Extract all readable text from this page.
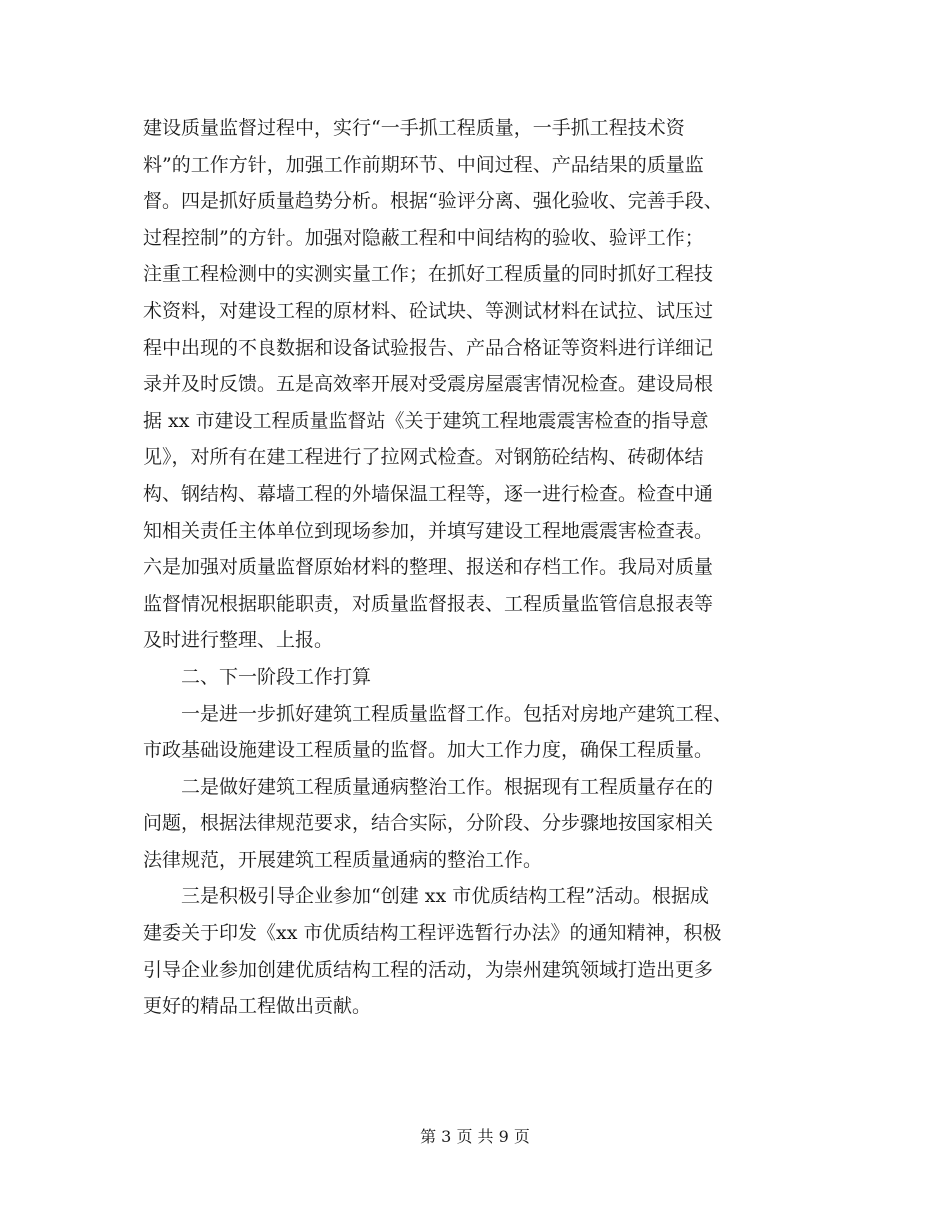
建设质量监督过程中，实行“一手抓工程质量，一手抓工程技术资
料”的工作方针，加强工作前期环节、中间过程、产品结果的质量监
督。四是抓好质量趋势分析。根据“验评分离、强化验收、完善手段、
过程控制”的方针。加强对隐蔽工程和中间结构的验收、验评工作；
注重工程检测中的实测实量工作；在抓好工程质量的同时抓好工程技
术资料，对建设工程的原材料、砼试块、等测试材料在试拉、试压过
程中出现的不良数据和设备试验报告、产品合格证等资料进行详细记
录并及时反馈。五是高效率开展对受震房屋震害情况检查。建设局根
据 xx 市建设工程质量监督站《关于建筑工程地震震害检查的指导意
见》，对所有在建工程进行了拉网式检查。对钢筋砼结构、砖砌体结
构、钢结构、幕墙工程的外墙保温工程等，逐一进行检查。检查中通
知相关责任主体单位到现场参加，并填写建设工程地震震害检查表。
六是加强对质量监督原始材料的整理、报送和存档工作。我局对质量
监督情况根据职能职责，对质量监督报表、工程质量监管信息报表等
及时进行整理、上报。
二、下一阶段工作打算
一是进一步抓好建筑工程质量监督工作。包括对房地产建筑工程、
市政基础设施建设工程质量的监督。加大工作力度，确保工程质量。
二是做好建筑工程质量通病整治工作。根据现有工程质量存在的
问题，根据法律规范要求，结合实际，分阶段、分步骤地按国家相关
法律规范，开展建筑工程质量通病的整治工作。
三是积极引导企业参加“创建 xx 市优质结构工程”活动。根据成
建委关于印发《xx 市优质结构工程评选暂行办法》的通知精神，积极
引导企业参加创建优质结构工程的活动，为崇州建筑领域打造出更多
更好的精品工程做出贡献。
第 3 页 共 9 页
